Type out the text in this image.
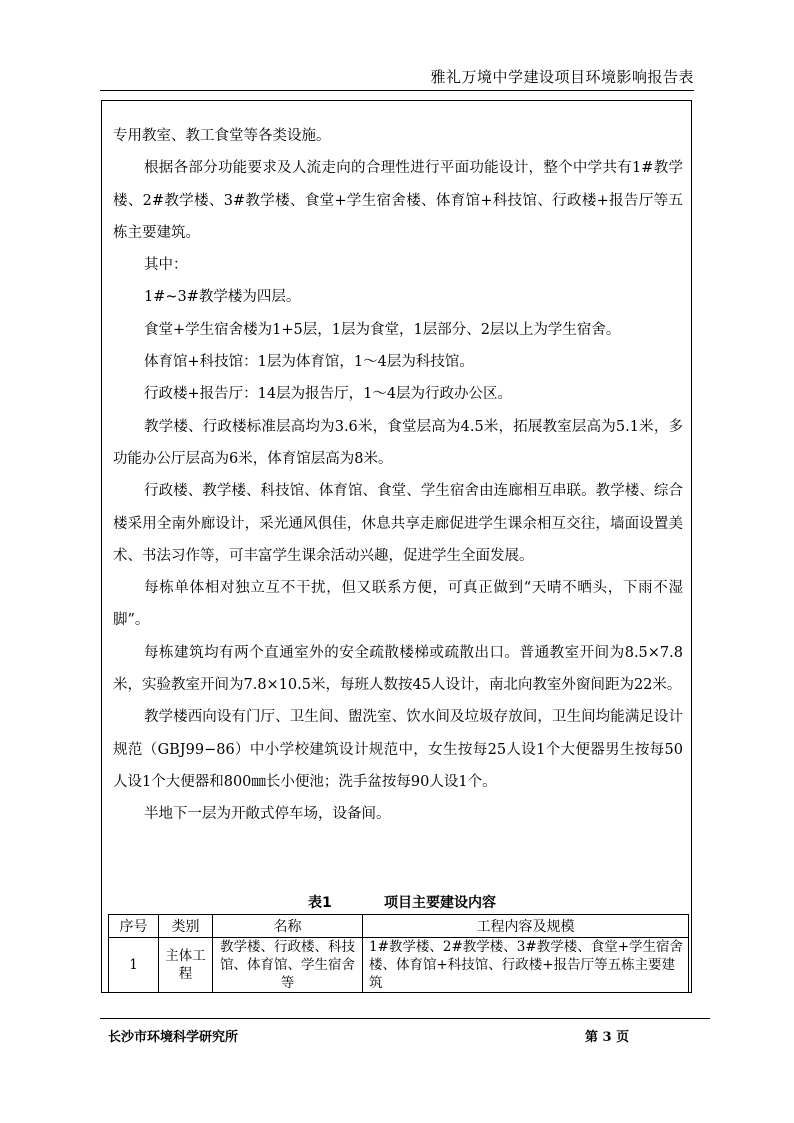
雅礼万境中学建设项目环境影响报告表

专用教室、教工食堂等各类设施。

根据各部分功能要求及人流走向的合理性进行平面功能设计，整个中学共有1#教学楼、2#教学楼、3#教学楼、食堂+学生宿舍楼、体育馆+科技馆、行政楼+报告厅等五栋主要建筑。

其中：

1#~3#教学楼为四层。

食堂+学生宿舍楼为1+5层，1层为食堂，1层部分、2层以上为学生宿舍。

体育馆+科技馆：1层为体育馆，1～4层为科技馆。

行政楼+报告厅：14层为报告厅，1～4层为行政办公区。

教学楼、行政楼标准层高均为3.6米，食堂层高为4.5米，拓展教室层高为5.1米，多功能办公厅层高为6米，体育馆层高为8米。

行政楼、教学楼、科技馆、体育馆、食堂、学生宿舍由连廊相互串联。教学楼、综合楼采用全南外廊设计，采光通风俱佳，休息共享走廊促进学生课余相互交往，墙面设置美术、书法习作等，可丰富学生课余活动兴趣，促进学生全面发展。

每栋单体相对独立互不干扰，但又联系方便，可真正做到“天晴不晒头，下雨不湿脚”。

每栋建筑均有两个直通室外的安全疏散楼梯或疏散出口。普通教室开间为8.5×7.8米，实验教室开间为7.8×10.5米，每班人数按45人设计，南北向教室外窗间距为22米。

教学楼西向设有门厅、卫生间、盥洗室、饮水间及垃圾存放间，卫生间均能满足设计规范（GBJ99−86）中小学校建筑设计规范中，女生按每25人设1个大便器男生按每50人设1个大便器和800㎜长小便池；洗手盆按每90人设1个。

半地下一层为开敞式停车场，设备间。

表1	项目主要建设内容
序号	类别	名称	工程内容及规模
1	主体工程	教学楼、行政楼、科技馆、体育馆、学生宿舍等	1#教学楼、2#教学楼、3#教学楼、食堂+学生宿舍楼、体育馆+科技馆、行政楼+报告厅等五栋主要建筑
长沙市环境科学研究所	第 3 页
